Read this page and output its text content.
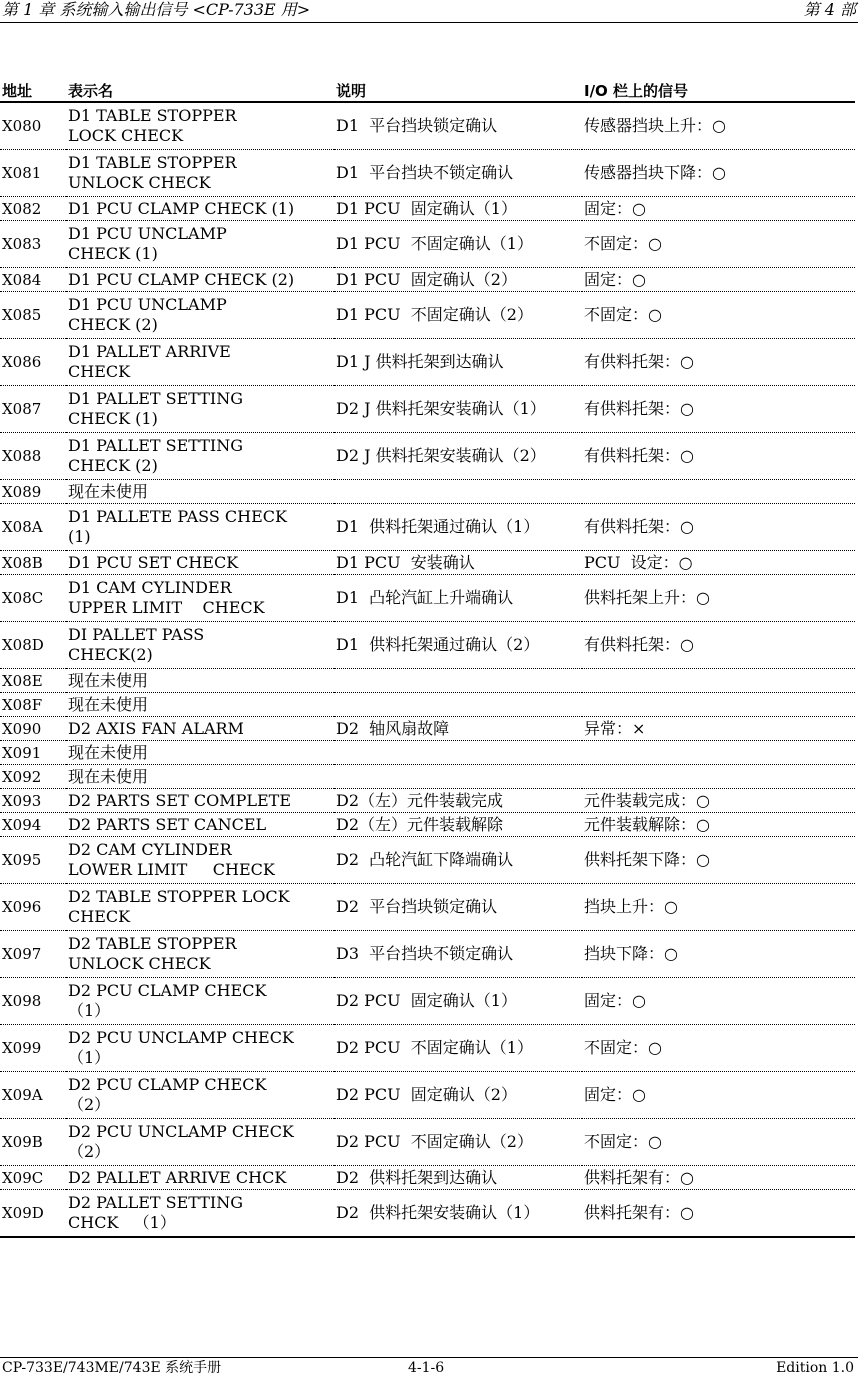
第 1 章 系统输入输出信号 <CP-733E 用>	第 4 部
地址	表示名	说明	I/O 栏上的信号
X080	D1 TABLE STOPPER
LOCK CHECK	D1  平台挡块锁定确认	传感器挡块上升：○
X081	D1 TABLE STOPPER
UNLOCK CHECK	D1  平台挡块不锁定确认	传感器挡块下降：○
X082	D1 PCU CLAMP CHECK (1)	D1 PCU  固定确认（1）	固定：○
X083	D1 PCU UNCLAMP
CHECK (1)	D1 PCU  不固定确认（1）	不固定：○
X084	D1 PCU CLAMP CHECK (2)	D1 PCU  固定确认（2）	固定：○
X085	D1 PCU UNCLAMP
CHECK (2)	D1 PCU  不固定确认（2）	不固定：○
X086	D1 PALLET ARRIVE
CHECK	D1 J 供料托架到达确认	有供料托架：○
X087	D1 PALLET SETTING
CHECK (1)	D2 J 供料托架安装确认（1）	有供料托架：○
X088	D1 PALLET SETTING
CHECK (2)	D2 J 供料托架安装确认（2）	有供料托架：○
X089	现在未使用		

X08A	D1 PALLETE PASS CHECK
(1)	D1  供料托架通过确认（1）	有供料托架：○
X08B	D1 PCU SET CHECK	D1 PCU  安装确认	PCU  设定：○
X08C	D1 CAM CYLINDER
UPPER LIMIT    CHECK	D1  凸轮汽缸上升端确认	供料托架上升：○
X08D	DI PALLET PASS
CHECK(2)	D1  供料托架通过确认（2）	有供料托架：○
X08E	现在未使用		

X08F	现在未使用		

X090	D2 AXIS FAN ALARM	D2  轴风扇故障	异常：×
X091	现在未使用		

X092	现在未使用		

X093	D2 PARTS SET COMPLETE	D2（左）元件装载完成	元件装载完成：○
X094	D2 PARTS SET CANCEL	D2（左）元件装载解除	元件装载解除：○
X095	D2 CAM CYLINDER
LOWER LIMIT     CHECK	D2  凸轮汽缸下降端确认	供料托架下降：○
X096	D2 TABLE STOPPER LOCK
CHECK	D2  平台挡块锁定确认	挡块上升：○
X097	D2 TABLE STOPPER
UNLOCK CHECK	D3  平台挡块不锁定确认	挡块下降：○
X098	D2 PCU CLAMP CHECK
（1）	D2 PCU  固定确认（1）	固定：○
X099	D2 PCU UNCLAMP CHECK
（1）	D2 PCU  不固定确认（1）	不固定：○
X09A	D2 PCU CLAMP CHECK
（2）	D2 PCU  固定确认（2）	固定：○
X09B	D2 PCU UNCLAMP CHECK
（2）	D2 PCU  不固定确认（2）	不固定：○
X09C	D2 PALLET ARRIVE CHCK	D2  供料托架到达确认	供料托架有：○
X09D	D2 PALLET SETTING
CHCK   （1）	D2  供料托架安装确认（1）	供料托架有：○
CP-733E/743ME/743E 系统手册	4-1-6	Edition 1.0
